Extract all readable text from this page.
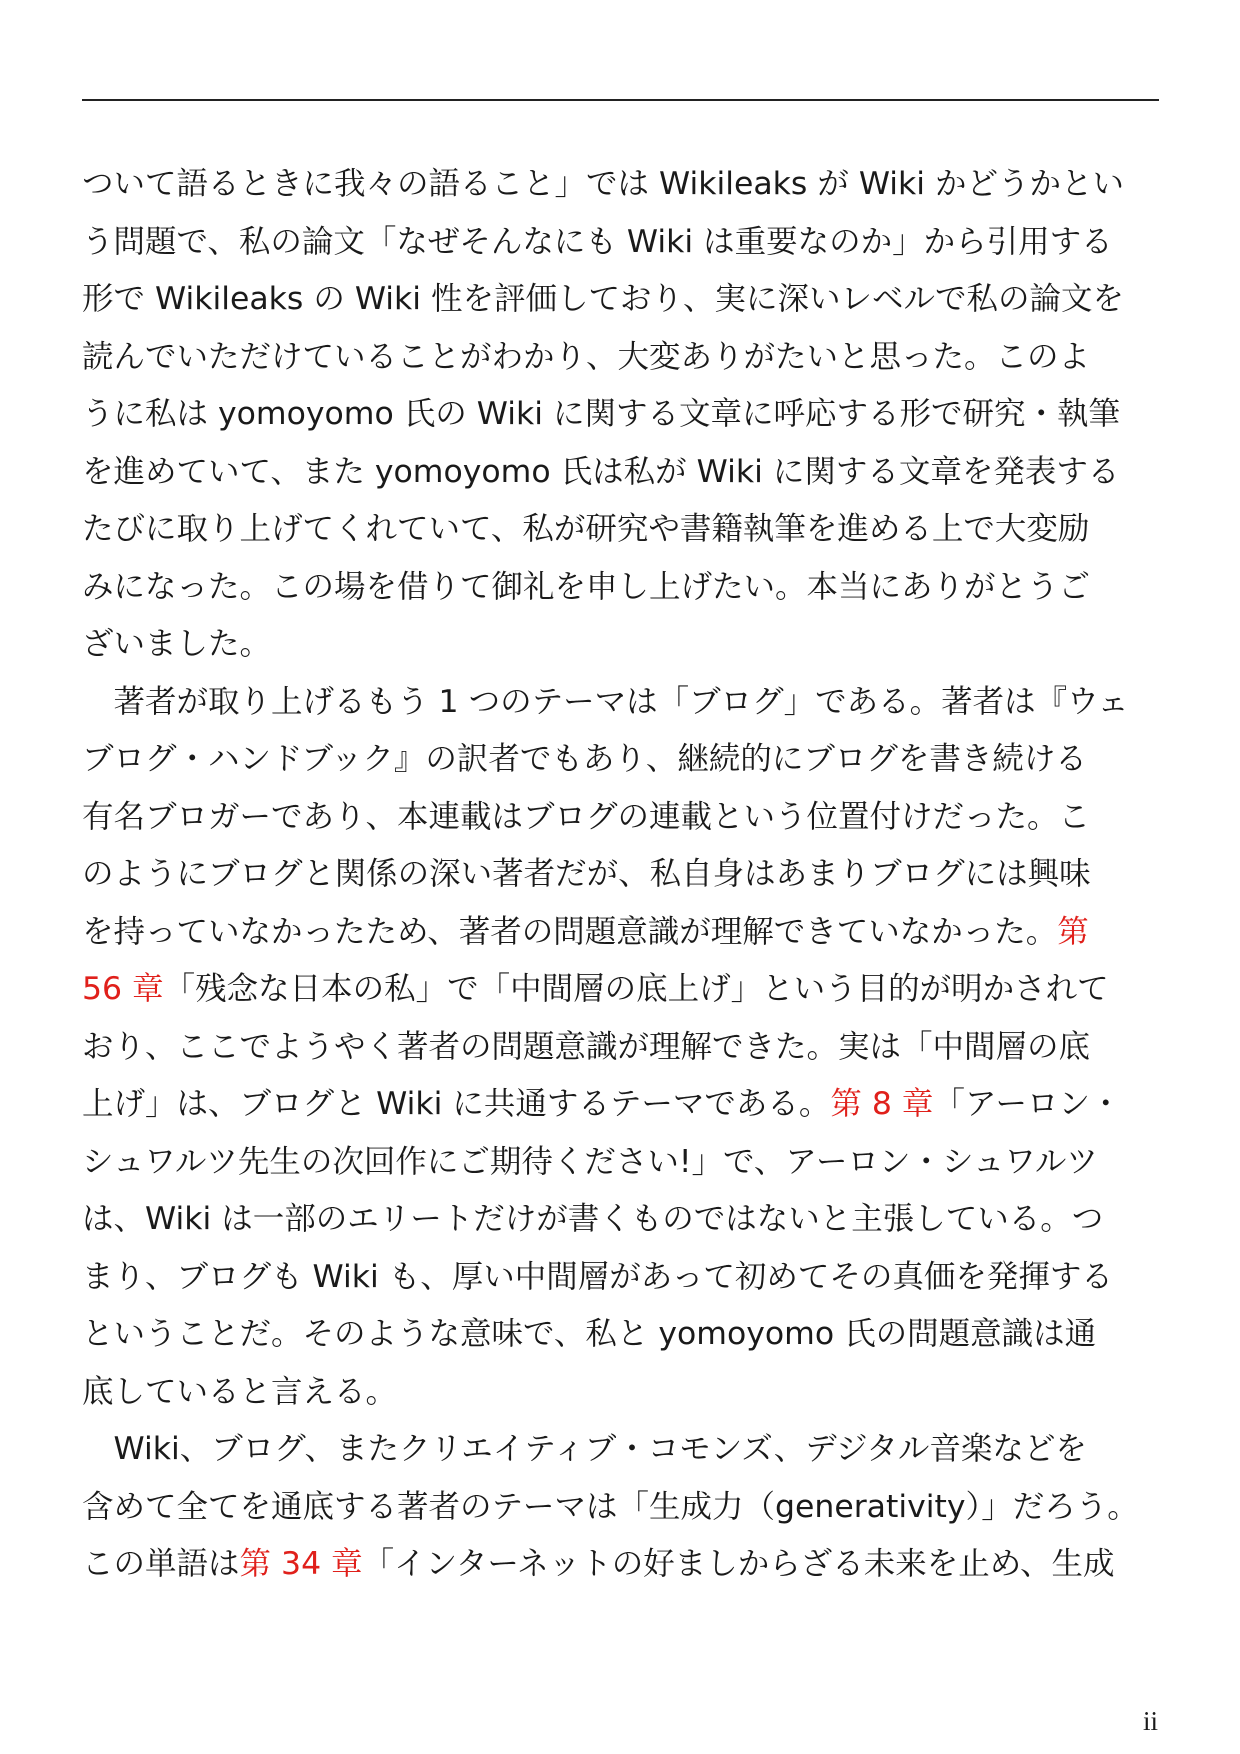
ついて語るときに我々の語ること」では Wikileaks が Wiki かどうかとい
う問題で、私の論文「なぜそんなにも Wiki は重要なのか」から引用する
形で Wikileaks の Wiki 性を評価しており、実に深いレベルで私の論文を
読んでいただけていることがわかり、大変ありがたいと思った。このよ
うに私は yomoyomo 氏の Wiki に関する文章に呼応する形で研究・執筆
を進めていて、また yomoyomo 氏は私が Wiki に関する文章を発表する
たびに取り上げてくれていて、私が研究や書籍執筆を進める上で大変励
みになった。この場を借りて御礼を申し上げたい。本当にありがとうご
ざいました。
　著者が取り上げるもう 1 つのテーマは「ブログ」である。著者は『ウェ
ブログ・ハンドブック』の訳者でもあり、継続的にブログを書き続ける
有名ブロガーであり、本連載はブログの連載という位置付けだった。こ
のようにブログと関係の深い著者だが、私自身はあまりブログには興味
を持っていなかったため、著者の問題意識が理解できていなかった。第
56 章「残念な日本の私」で「中間層の底上げ」という目的が明かされて
おり、ここでようやく著者の問題意識が理解できた。実は「中間層の底
上げ」は、ブログと Wiki に共通するテーマである。第 8 章「アーロン・
シュワルツ先生の次回作にご期待ください!」で、アーロン・シュワルツ
は、Wiki は一部のエリートだけが書くものではないと主張している。つ
まり、ブログも Wiki も、厚い中間層があって初めてその真価を発揮する
ということだ。そのような意味で、私と yomoyomo 氏の問題意識は通
底していると言える。
　Wiki、ブログ、またクリエイティブ・コモンズ、デジタル音楽などを
含めて全てを通底する著者のテーマは「生成力（generativity）」だろう。
この単語は第 34 章「インターネットの好ましからざる未来を止め、生成
ii
